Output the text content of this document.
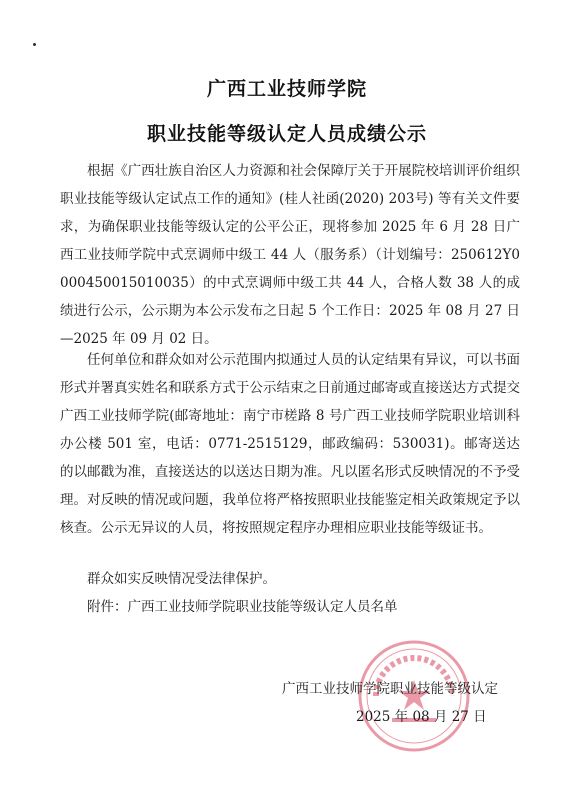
广西工业技师学院
职业技能等级认定人员成绩公示
根据《广西壮族自治区人力资源和社会保障厅关于开展院校培训评价组织职业技能等级认定试点工作的通知》(桂人社函(2020) 203号) 等有关文件要求，为确保职业技能等级认定的公平公正，现将参加 2025 年 6 月 28 日广西工业技师学院中式烹调师中级工 44 人（服务系）（计划编号：250612Y0000450015010035）的中式烹调师中级工共 44 人，合格人数 38 人的成绩进行公示，公示期为本公示发布之日起 5 个工作日：2025 年 08 月 27 日—2025 年 09 月 02 日。
任何单位和群众如对公示范围内拟通过人员的认定结果有异议，可以书面形式并署真实姓名和联系方式于公示结束之日前通过邮寄或直接送达方式提交广西工业技师学院(邮寄地址：南宁市槎路 8 号广西工业技师学院职业培训科办公楼 501 室，电话：0771-2515129，邮政编码：530031)。邮寄送达的以邮戳为准，直接送达的以送达日期为准。凡以匿名形式反映情况的不予受理。对反映的情况或问题，我单位将严格按照职业技能鉴定相关政策规定予以核查。公示无异议的人员，将按照规定程序办理相应职业技能等级证书。
群众如实反映情况受法律保护。
附件：广西工业技师学院职业技能等级认定人员名单
广西工业技师学院职业技能等级认定
2025 年 08 月 27 日
